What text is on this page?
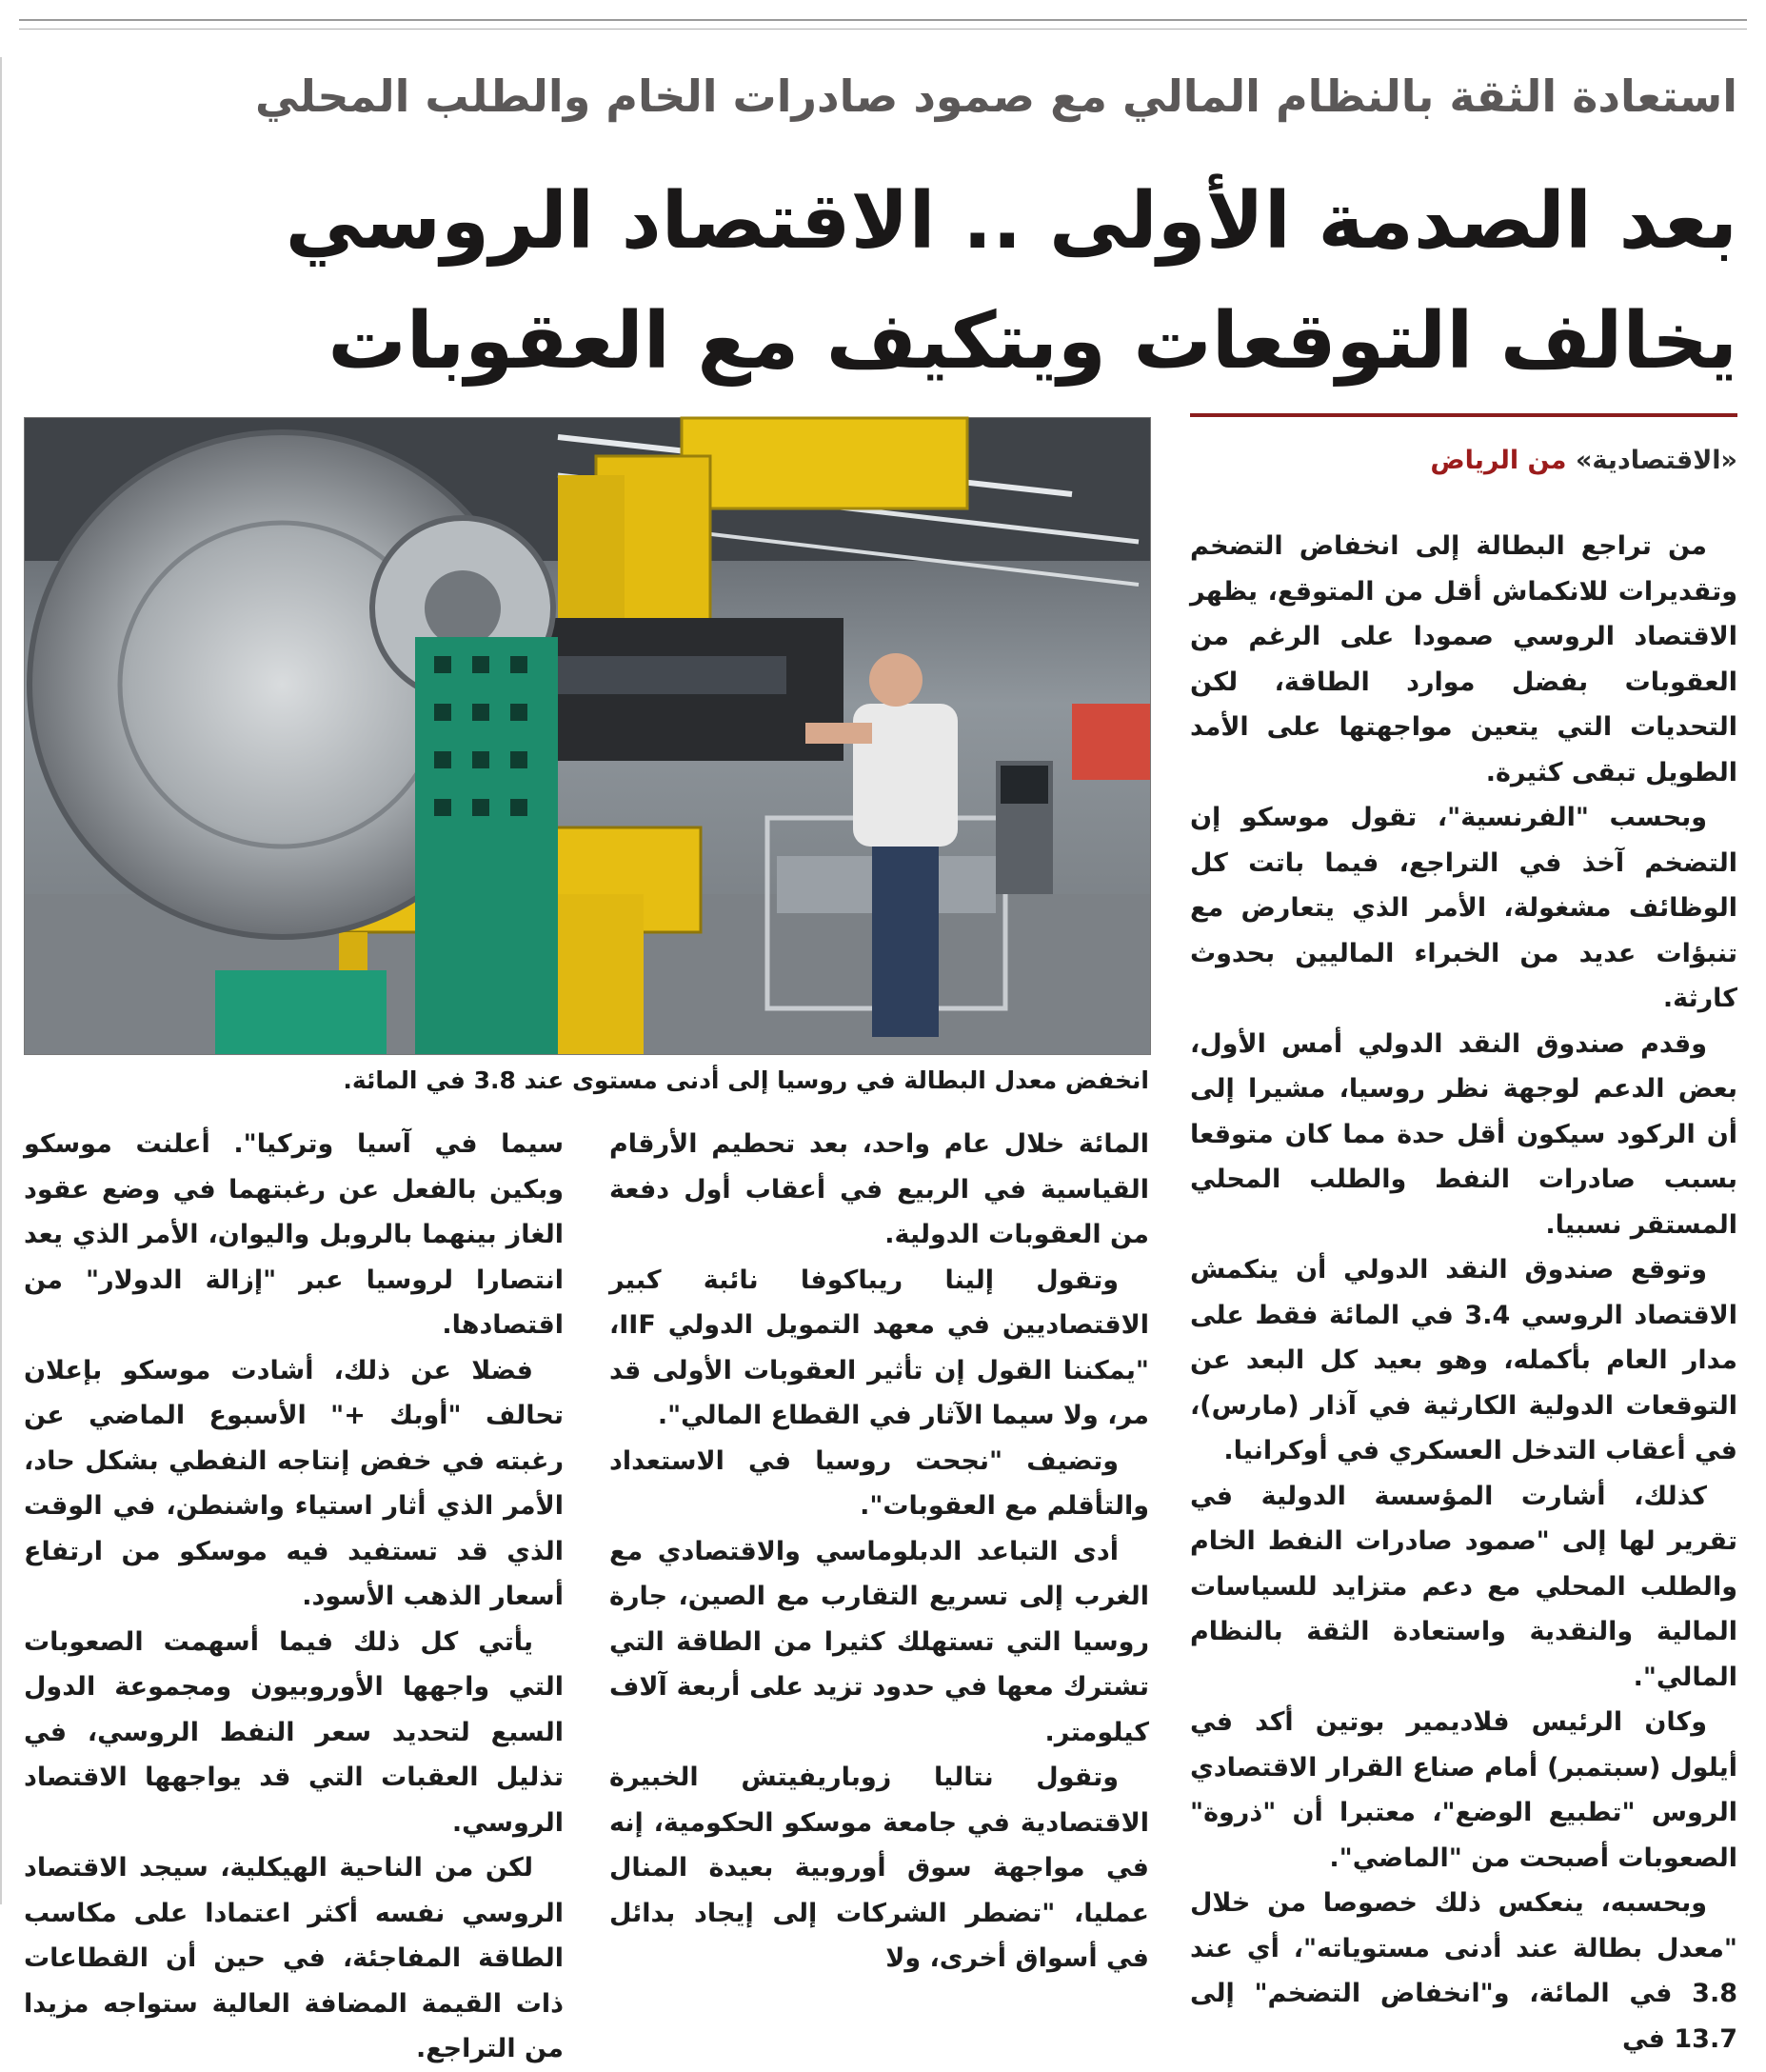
استعادة الثقة بالنظام المالي مع صمود صادرات الخام والطلب المحلي
بعد الصدمة الأولى .. الاقتصاد الروسي يخالف التوقعات ويتكيف مع العقوبات

«الاقتصادية» من الرياض

انخفض معدل البطالة في روسيا إلى أدنى مستوى عند 3.8 في المائة.

من تراجع البطالة إلى انخفاض التضخم وتقديرات للانكماش أقل من المتوقع، يظهر الاقتصاد الروسي صمودا على الرغم من العقوبات بفضل موارد الطاقة، لكن التحديات التي يتعين مواجهتها على الأمد الطويل تبقى كثيرة.

وبحسب "الفرنسية"، تقول موسكو إن التضخم آخذ في التراجع، فيما باتت كل الوظائف مشغولة، الأمر الذي يتعارض مع تنبؤات عديد من الخبراء الماليين بحدوث كارثة.

وقدم صندوق النقد الدولي أمس الأول، بعض الدعم لوجهة نظر روسيا، مشيرا إلى أن الركود سيكون أقل حدة مما كان متوقعا بسبب صادرات النفط والطلب المحلي المستقر نسبيا.

وتوقع صندوق النقد الدولي أن ينكمش الاقتصاد الروسي 3.4 في المائة فقط على مدار العام بأكمله، وهو بعيد كل البعد عن التوقعات الدولية الكارثية في آذار (مارس)، في أعقاب التدخل العسكري في أوكرانيا.

كذلك، أشارت المؤسسة الدولية في تقرير لها إلى "صمود صادرات النفط الخام والطلب المحلي مع دعم متزايد للسياسات المالية والنقدية واستعادة الثقة بالنظام المالي".

وكان الرئيس فلاديمير بوتين أكد في أيلول (سبتمبر) أمام صناع القرار الاقتصادي الروس "تطبيع الوضع"، معتبرا أن "ذروة" الصعوبات أصبحت من "الماضي".

وبحسبه، ينعكس ذلك خصوصا من خلال "معدل بطالة عند أدنى مستوياته"، أي عند 3.8 في المائة، و"انخفاض التضخم" إلى 13.7 في

المائة خلال عام واحد، بعد تحطيم الأرقام القياسية في الربيع في أعقاب أول دفعة من العقوبات الدولية.

وتقول إلينا ريباكوفا نائبة كبير الاقتصاديين في معهد التمويل الدولي IIF، "يمكننا القول إن تأثير العقوبات الأولى قد مر، ولا سيما الآثار في القطاع المالي".

وتضيف "نجحت روسيا في الاستعداد والتأقلم مع العقوبات".

أدى التباعد الدبلوماسي والاقتصادي مع الغرب إلى تسريع التقارب مع الصين، جارة روسيا التي تستهلك كثيرا من الطاقة التي تشترك معها في حدود تزيد على أربعة آلاف كيلومتر.

وتقول نتاليا زوباريفيتش الخبيرة الاقتصادية في جامعة موسكو الحكومية، إنه في مواجهة سوق أوروبية بعيدة المنال عمليا، "تضطر الشركات إلى إيجاد بدائل في أسواق أخرى، ولا

سيما في آسيا وتركيا". أعلنت موسكو وبكين بالفعل عن رغبتهما في وضع عقود الغاز بينهما بالروبل واليوان، الأمر الذي يعد انتصارا لروسيا عبر "إزالة الدولار" من اقتصادها.

فضلا عن ذلك، أشادت موسكو بإعلان تحالف "أوبك +" الأسبوع الماضي عن رغبته في خفض إنتاجه النفطي بشكل حاد، الأمر الذي أثار استياء واشنطن، في الوقت الذي قد تستفيد فيه موسكو من ارتفاع أسعار الذهب الأسود.

يأتي كل ذلك فيما أسهمت الصعوبات التي واجهها الأوروبيون ومجموعة الدول السبع لتحديد سعر النفط الروسي، في تذليل العقبات التي قد يواجهها الاقتصاد الروسي.

لكن من الناحية الهيكلية، سيجد الاقتصاد الروسي نفسه أكثر اعتمادا على مكاسب الطاقة المفاجئة، في حين أن القطاعات ذات القيمة المضافة العالية ستواجه مزيدا من التراجع.
